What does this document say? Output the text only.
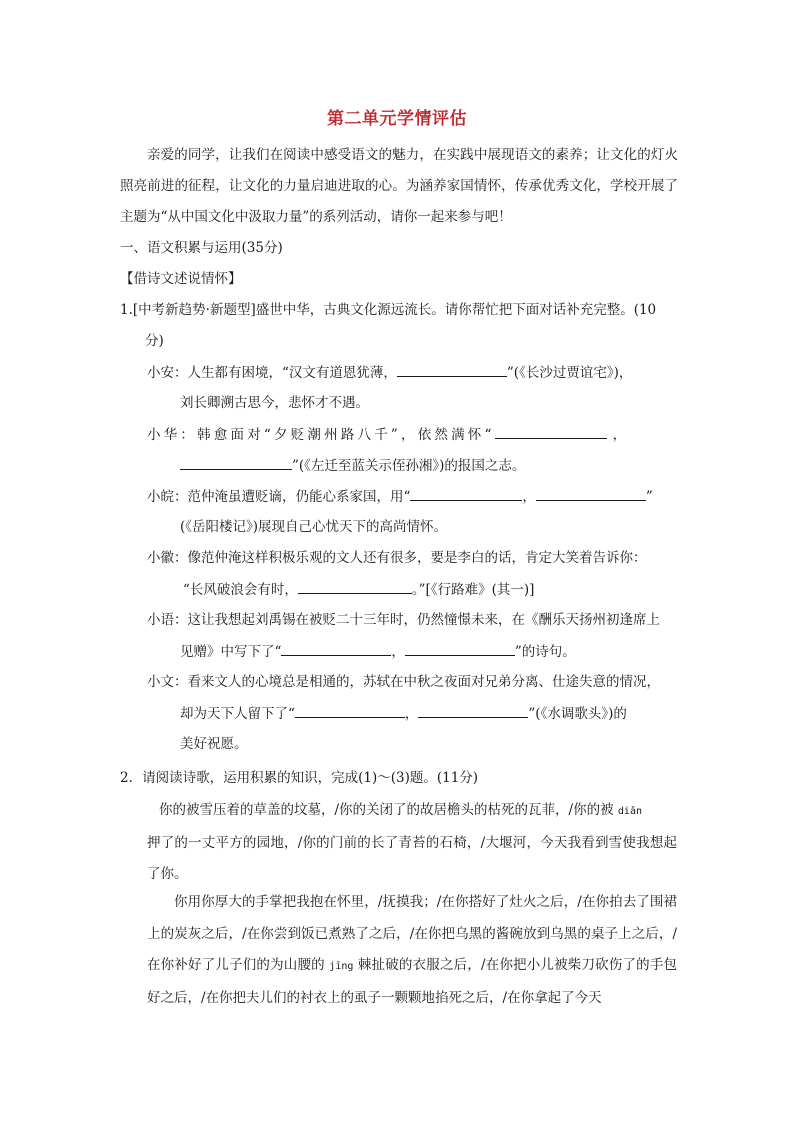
第二单元学情评估
亲爱的同学，让我们在阅读中感受语文的魅力，在实践中展现语文的素养；让文化的灯火照亮前进的征程，让文化的力量启迪进取的心。为涵养家国情怀，传承优秀文化，学校开展了主题为“从中国文化中汲取力量”的系列活动，请你一起来参与吧！
一、语文积累与运用(35分)
【借诗文述说情怀】
1.[中考新趋势·新题型]盛世中华，古典文化源远流长。请你帮忙把下面对话补充完整。(10
分)
小安：人生都有困境，“汉文有道恩犹薄，	”(《长沙过贾谊宅》)，
刘长卿溯古思今，悲怀才不遇。
小华：韩愈面对“夕贬潮州路八千”，依然满怀“	，
”(《左迁至蓝关示侄孙湘》)的报国之志。
小皖：范仲淹虽遭贬谪，仍能心系家国，用“	，	”
(《岳阳楼记》)展现自己心忧天下的高尚情怀。
小徽：像范仲淹这样积极乐观的文人还有很多，要是李白的话，肯定大笑着告诉你：
“长风破浪会有时，	。”[《行路难》(其一)]
小语：这让我想起刘禹锡在被贬二十三年时，仍然憧憬未来，在《酬乐天扬州初逢席上
见赠》中写下了“	，	”的诗句。
小文：看来文人的心境总是相通的，苏轼在中秋之夜面对兄弟分离、仕途失意的情况，
却为天下人留下了“	，	”(《水调歌头》)的
美好祝愿。
2．请阅读诗歌，运用积累的知识，完成(1)～(3)题。(11分)
你的被雪压着的草盖的坟墓，/你的关闭了的故居檐头的枯死的瓦菲，/你的被 diǎn
押了的一丈平方的园地，/你的门前的长了青苔的石椅，/大堰河，今天我看到雪使我想起了你。
你用你厚大的手掌把我抱在怀里，/抚摸我；/在你搭好了灶火之后，/在你拍去了围裙上的炭灰之后，/在你尝到饭已煮熟了之后，/在你把乌黑的酱碗放到乌黑的桌子上之后，/在你补好了儿子们的为山腰的 jīng 棘扯破的衣服之后，/在你把小儿被柴刀砍伤了的手包好之后，/在你把夫儿们的衬衣上的虱子一颗颗地掐死之后，/在你拿起了今天
